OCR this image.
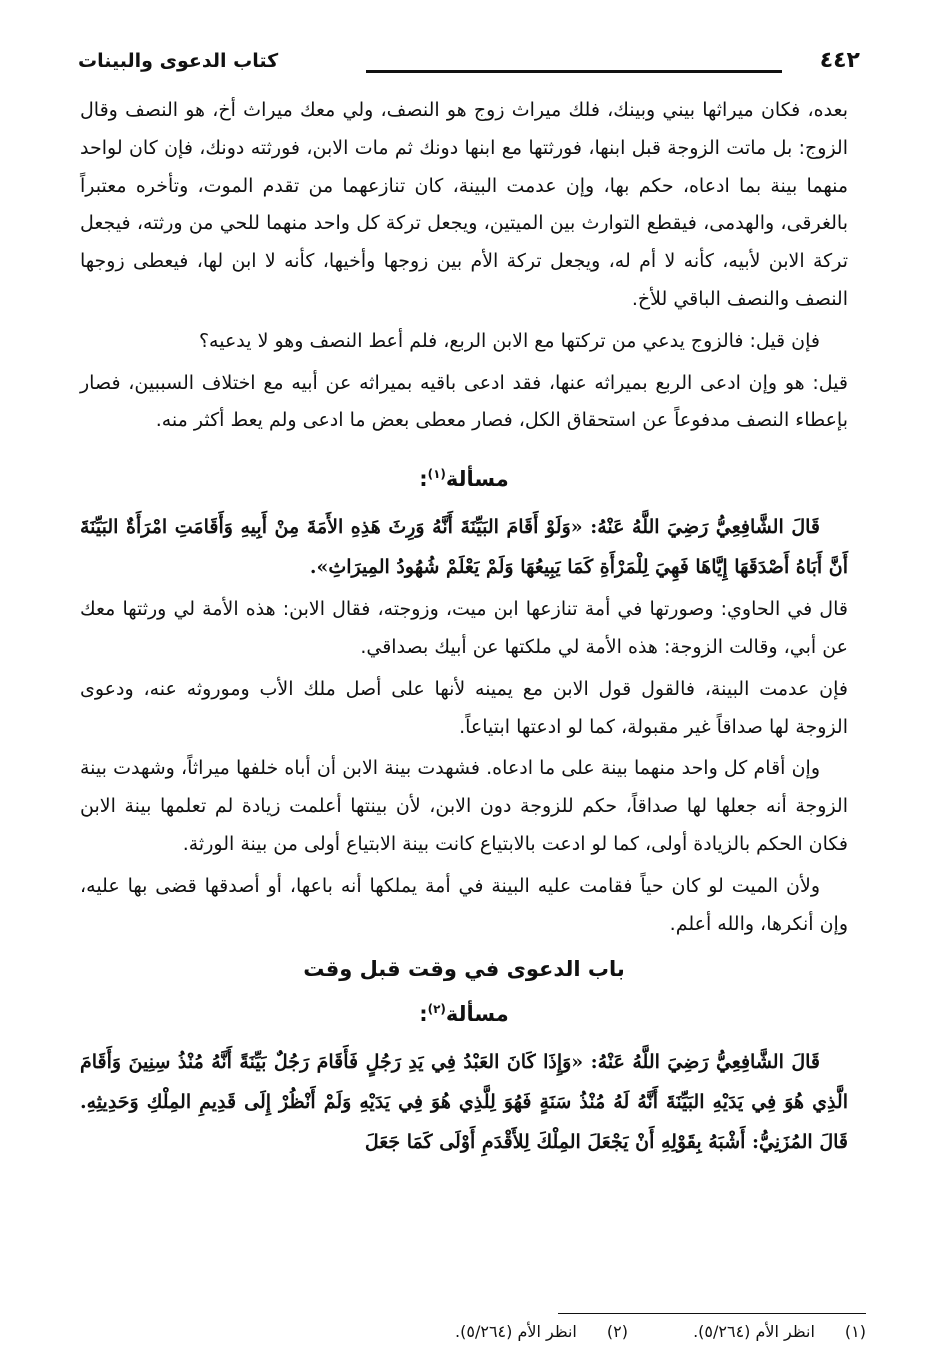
٤٤٢
كتاب الدعوى والبينات

بعده، فكان ميراثها بيني وبينك، فلك ميراث زوج هو النصف، ولي معك ميراث أخ، هو النصف وقال الزوج: بل ماتت الزوجة قبل ابنها، فورثتها مع ابنها دونك ثم مات الابن، فورثته دونك، فإن كان لواحد منهما بينة بما ادعاه، حكم بها، وإن عدمت البينة، كان تنازعهما من تقدم الموت، وتأخره معتبراً بالغرقى، والهدمى، فيقطع التوارث بين الميتين، ويجعل تركة كل واحد منهما للحي من ورثته، فيجعل تركة الابن لأبيه، كأنه لا أم له، ويجعل تركة الأم بين زوجها وأخيها، كأنه لا ابن لها، فيعطى زوجها النصف والنصف الباقي للأخ.

فإن قيل: فالزوج يدعي من تركتها مع الابن الربع، فلم أعط النصف وهو لا يدعيه؟

قيل: هو وإن ادعى الربع بميراثه عنها، فقد ادعى باقيه بميراثه عن أبيه مع اختلاف السببين، فصار بإعطاء النصف مدفوعاً عن استحقاق الكل، فصار معطى بعض ما ادعى ولم يعط أكثر منه.

مسألة$^{(١)}$:

قَالَ الشَّافِعِيُّ رَضِيَ اللَّهُ عَنْهُ: «وَلَوْ أَقَامَ البَيِّنَةَ أَنَّهُ وَرِثَ هَذِهِ الأَمَةَ مِنْ أَبِيهِ وَأَقَامَتِ امْرَأَةٌ البَيِّنَةَ أَنَّ أَبَاهُ أَصْدَقَهَا إِيَّاهَا فَهِيَ لِلْمَرْأَةِ كَمَا يَبِيعُهَا وَلَمْ يَعْلَمْ شُهُودُ المِيرَاثِ».

قال في الحاوي: وصورتها في أمة تنازعها ابن ميت، وزوجته، فقال الابن: هذه الأمة لي ورثتها معك عن أبي، وقالت الزوجة: هذه الأمة لي ملكتها عن أبيك بصداقي.

فإن عدمت البينة، فالقول قول الابن مع يمينه لأنها على أصل ملك الأب وموروثه عنه، ودعوى الزوجة لها صداقاً غير مقبولة، كما لو ادعتها ابتياعاً.

وإن أقام كل واحد منهما بينة على ما ادعاه. فشهدت بينة الابن أن أباه خلفها ميراثاً، وشهدت بينة الزوجة أنه جعلها لها صداقاً، حكم للزوجة دون الابن، لأن بينتها أعلمت زيادة لم تعلمها بينة الابن فكان الحكم بالزيادة أولى، كما لو ادعت بالابتياع كانت بينة الابتياع أولى من بينة الورثة.

ولأن الميت لو كان حياً فقامت عليه البينة في أمة يملكها أنه باعها، أو أصدقها قضى بها عليه، وإن أنكرها، والله أعلم.

باب الدعوى في وقت قبل وقت
مسألة$^{(٢)}$:

قَالَ الشَّافِعِيُّ رَضِيَ اللَّهُ عَنْهُ: «وَإِذَا كَانَ العَبْدُ فِي يَدِ رَجُلٍ فَأَقَامَ رَجُلٌ بَيِّنَةً أَنَّهُ مُنْذُ سِنِينَ وَأَقَامَ الَّذِي هُوَ فِي يَدَيْهِ البَيِّنَةَ أَنَّهُ لَهُ مُنْذُ سَنَةٍ فَهُوَ لِلَّذِي هُوَ فِي يَدَيْهِ وَلَمْ أَنْظُرْ إِلَى قَدِيمِ المِلْكِ وَحَدِيثِهِ. قَالَ المُزَنِيُّ: أَشْبَهُ بِقَوْلِهِ أَنْ يَجْعَلَ المِلْكَ لِلأَقْدَمِ أَوْلَى كَمَا جَعَلَ

(١)انظر الأم (٥/٢٦٤). (٢)انظر الأم (٥/٢٦٤).
